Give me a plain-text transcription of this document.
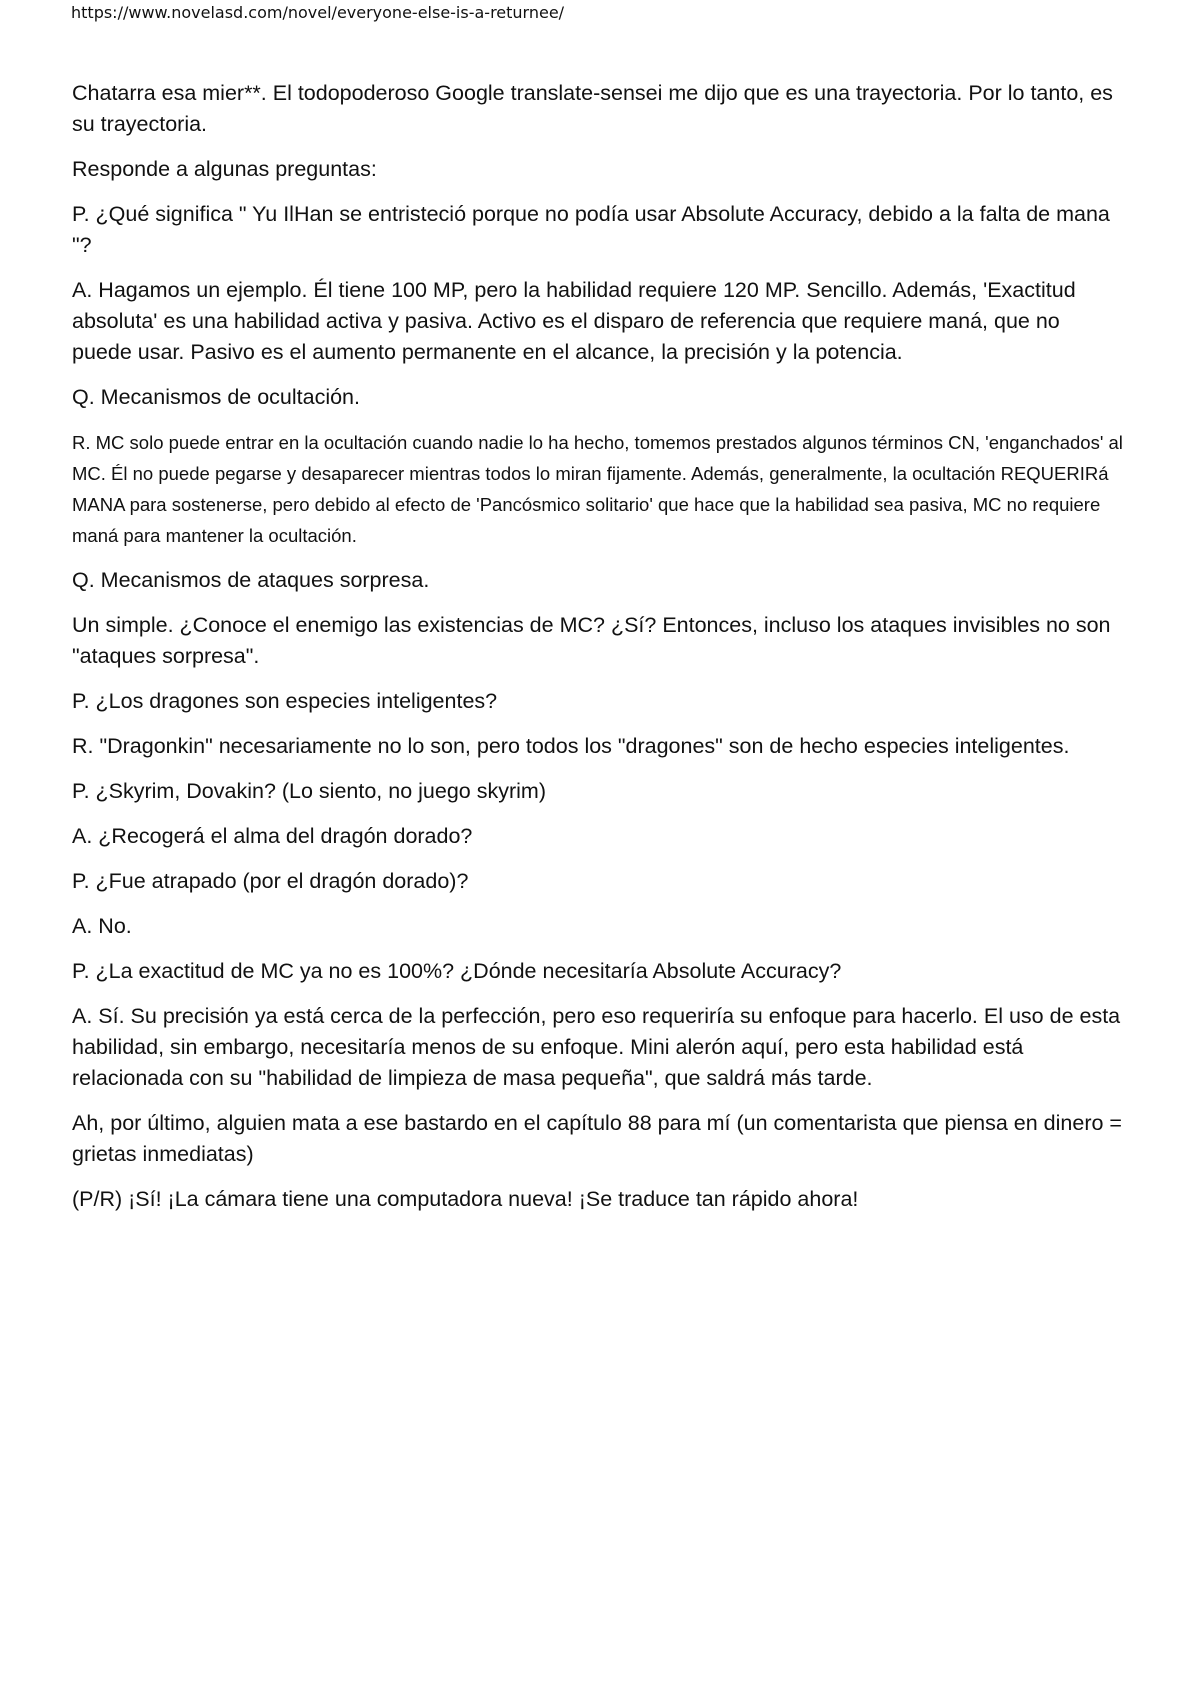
https://www.novelasd.com/novel/everyone-else-is-a-returnee/

Chatarra esa mier**. El todopoderoso Google translate-sensei me dijo que es una trayectoria. Por lo tanto, es su trayectoria.

Responde a algunas preguntas:

P. ¿Qué significa " Yu IlHan se entristeció porque no podía usar Absolute Accuracy, debido a la falta de mana "?

A. Hagamos un ejemplo. Él tiene 100 MP, pero la habilidad requiere 120 MP. Sencillo. Además, 'Exactitud absoluta' es una habilidad activa y pasiva. Activo es el disparo de referencia que requiere maná, que no puede usar. Pasivo es el aumento permanente en el alcance, la precisión y la potencia.

Q. Mecanismos de ocultación.

R. MC solo puede entrar en la ocultación cuando nadie lo ha hecho, tomemos prestados algunos términos CN, 'enganchados' al MC. Él no puede pegarse y desaparecer mientras todos lo miran fijamente. Además, generalmente, la ocultación REQUERIRá MANA para sostenerse, pero debido al efecto de 'Pancósmico solitario' que hace que la habilidad sea pasiva, MC no requiere maná para mantener la ocultación.

Q. Mecanismos de ataques sorpresa.

Un simple. ¿Conoce el enemigo las existencias de MC? ¿Sí? Entonces, incluso los ataques invisibles no son "ataques sorpresa".

P. ¿Los dragones son especies inteligentes?

R. "Dragonkin" necesariamente no lo son, pero todos los "dragones" son de hecho especies inteligentes.

P. ¿Skyrim, Dovakin? (Lo siento, no juego skyrim)

A. ¿Recogerá el alma del dragón dorado?

P. ¿Fue atrapado (por el dragón dorado)?

A. No.

P. ¿La exactitud de MC ya no es 100%? ¿Dónde necesitaría Absolute Accuracy?

A. Sí. Su precisión ya está cerca de la perfección, pero eso requeriría su enfoque para hacerlo. El uso de esta habilidad, sin embargo, necesitaría menos de su enfoque. Mini alerón aquí, pero esta habilidad está relacionada con su "habilidad de limpieza de masa pequeña", que saldrá más tarde.

Ah, por último, alguien mata a ese bastardo en el capítulo 88 para mí (un comentarista que piensa en dinero = grietas inmediatas)

(P/R) ¡Sí! ¡La cámara tiene una computadora nueva! ¡Se traduce tan rápido ahora!
